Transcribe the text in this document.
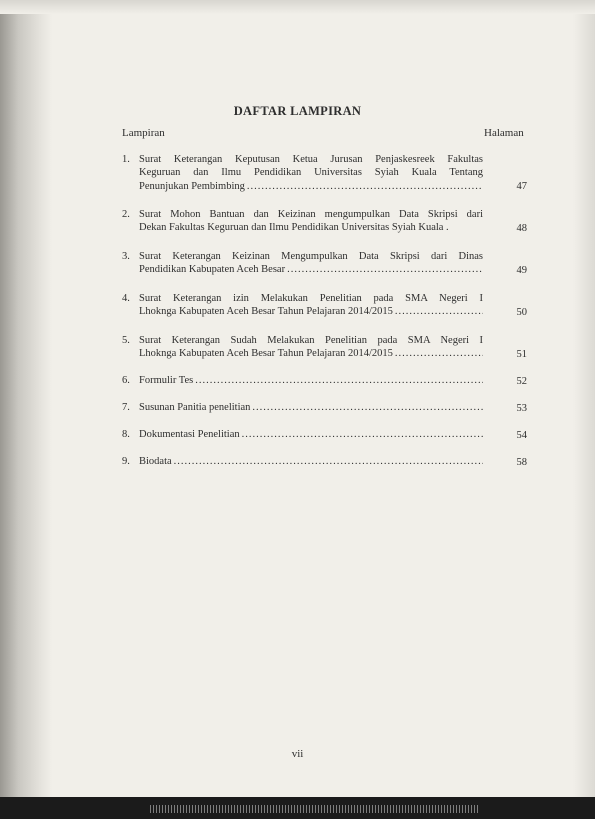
DAFTAR LAMPIRAN
Lampiran	Halaman
1. Surat Keterangan Keputusan Ketua Jurusan Penjaskesreek Fakultas
Keguruan dan Ilmu Pendidikan Universitas Syiah Kuala Tentang
Penunjukan Pembimbing .....	47
2. Surat Mohon Bantuan dan Keizinan mengumpulkan Data Skripsi dari
Dekan Fakultas Keguruan dan Ilmu Pendidikan Universitas Syiah Kuala .	48
3. Surat Keterangan Keizinan Mengumpulkan Data Skripsi dari Dinas
Pendidikan Kabupaten Aceh Besar .....	49
4. Surat Keterangan izin Melakukan Penelitian pada SMA Negeri I
Lhoknga Kabupaten Aceh Besar Tahun Pelajaran 2014/2015 .....	50
5. Surat Keterangan Sudah Melakukan Penelitian pada SMA Negeri I
Lhoknga Kabupaten Aceh Besar Tahun Pelajaran 2014/2015 .....	51
6. Formulir Tes .....	52
7. Susunan Panitia penelitian .....	53
8. Dokumentasi Penelitian .....	54
9. Biodata .....	58
vii
